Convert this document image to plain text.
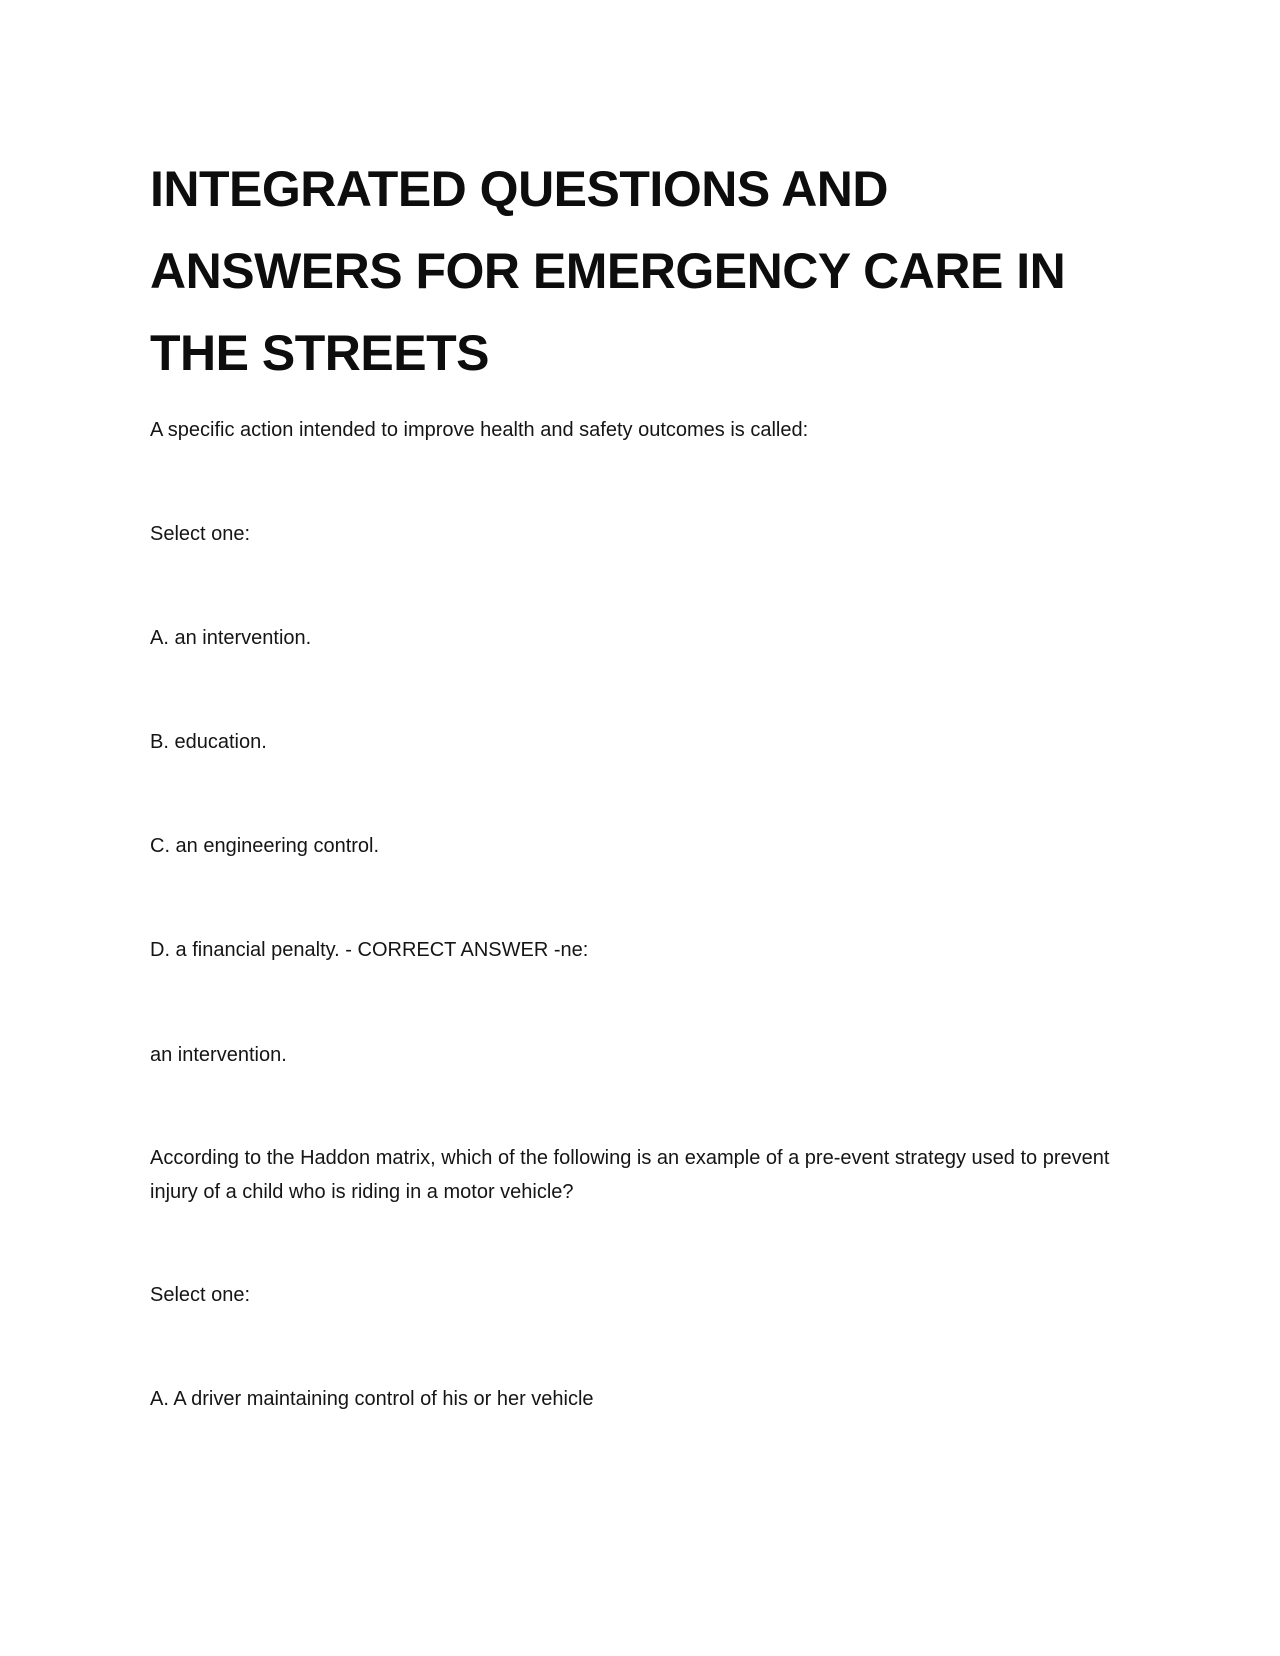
INTEGRATED QUESTIONS AND
ANSWERS FOR EMERGENCY CARE IN
THE STREETS

A specific action intended to improve health and safety outcomes is called:

Select one:

A. an intervention.

B. education.

C. an engineering control.

D. a financial penalty. - CORRECT ANSWER -ne:

an intervention.

According to the Haddon matrix, which of the following is an example of a pre-event strategy used to prevent injury of a child who is riding in a motor vehicle?

Select one:

A. A driver maintaining control of his or her vehicle
